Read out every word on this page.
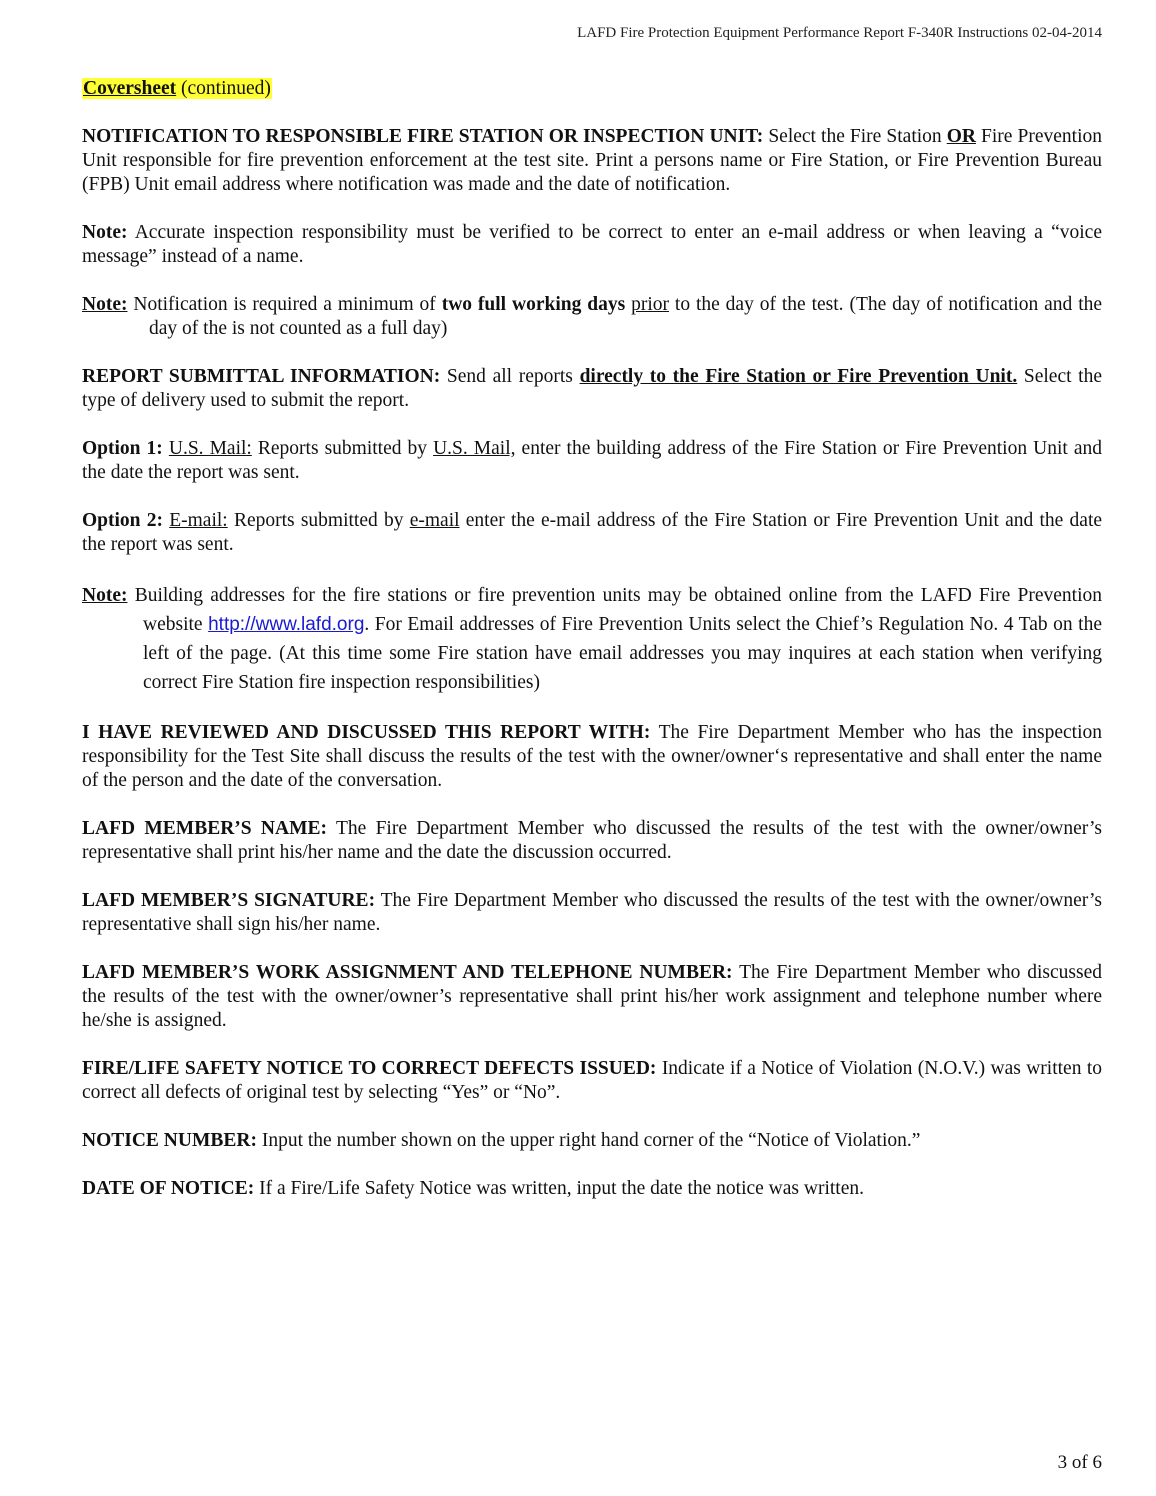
LAFD Fire Protection Equipment Performance Report F-340R Instructions 02-04-2014

Coversheet (continued)

NOTIFICATION TO RESPONSIBLE FIRE STATION OR INSPECTION UNIT: Select the Fire Station OR Fire Prevention Unit responsible for fire prevention enforcement at the test site. Print a persons name or Fire Station, or Fire Prevention Bureau (FPB) Unit email address where notification was made and the date of notification.

Note: Accurate inspection responsibility must be verified to be correct to enter an e-mail address or when leaving a “voice message” instead of a name.

Note: Notification is required a minimum of two full working days prior to the day of the test. (The day of notification and the day of the is not counted as a full day)

REPORT SUBMITTAL INFORMATION: Send all reports directly to the Fire Station or Fire Prevention Unit. Select the type of delivery used to submit the report.

Option 1: U.S. Mail: Reports submitted by U.S. Mail, enter the building address of the Fire Station or Fire Prevention Unit and the date the report was sent.

Option 2: E-mail: Reports submitted by e-mail enter the e-mail address of the Fire Station or Fire Prevention Unit and the date the report was sent.

Note: Building addresses for the fire stations or fire prevention units may be obtained online from the LAFD Fire Prevention website http://www.lafd.org. For Email addresses of Fire Prevention Units select the Chief’s Regulation No. 4 Tab on the left of the page. (At this time some Fire station have email addresses you may inquires at each station when verifying correct Fire Station fire inspection responsibilities)

I HAVE REVIEWED AND DISCUSSED THIS REPORT WITH: The Fire Department Member who has the inspection responsibility for the Test Site shall discuss the results of the test with the owner/owner‘s representative and shall enter the name of the person and the date of the conversation.

LAFD MEMBER’S NAME: The Fire Department Member who discussed the results of the test with the owner/owner’s representative shall print his/her name and the date the discussion occurred.

LAFD MEMBER’S SIGNATURE: The Fire Department Member who discussed the results of the test with the owner/owner’s representative shall sign his/her name.

LAFD MEMBER’S WORK ASSIGNMENT AND TELEPHONE NUMBER: The Fire Department Member who discussed the results of the test with the owner/owner’s representative shall print his/her work assignment and telephone number where he/she is assigned.

FIRE/LIFE SAFETY NOTICE TO CORRECT DEFECTS ISSUED: Indicate if a Notice of Violation (N.O.V.) was written to correct all defects of original test by selecting “Yes” or “No”.

NOTICE NUMBER: Input the number shown on the upper right hand corner of the “Notice of Violation.”

DATE OF NOTICE: If a Fire/Life Safety Notice was written, input the date the notice was written.

3 of 6
